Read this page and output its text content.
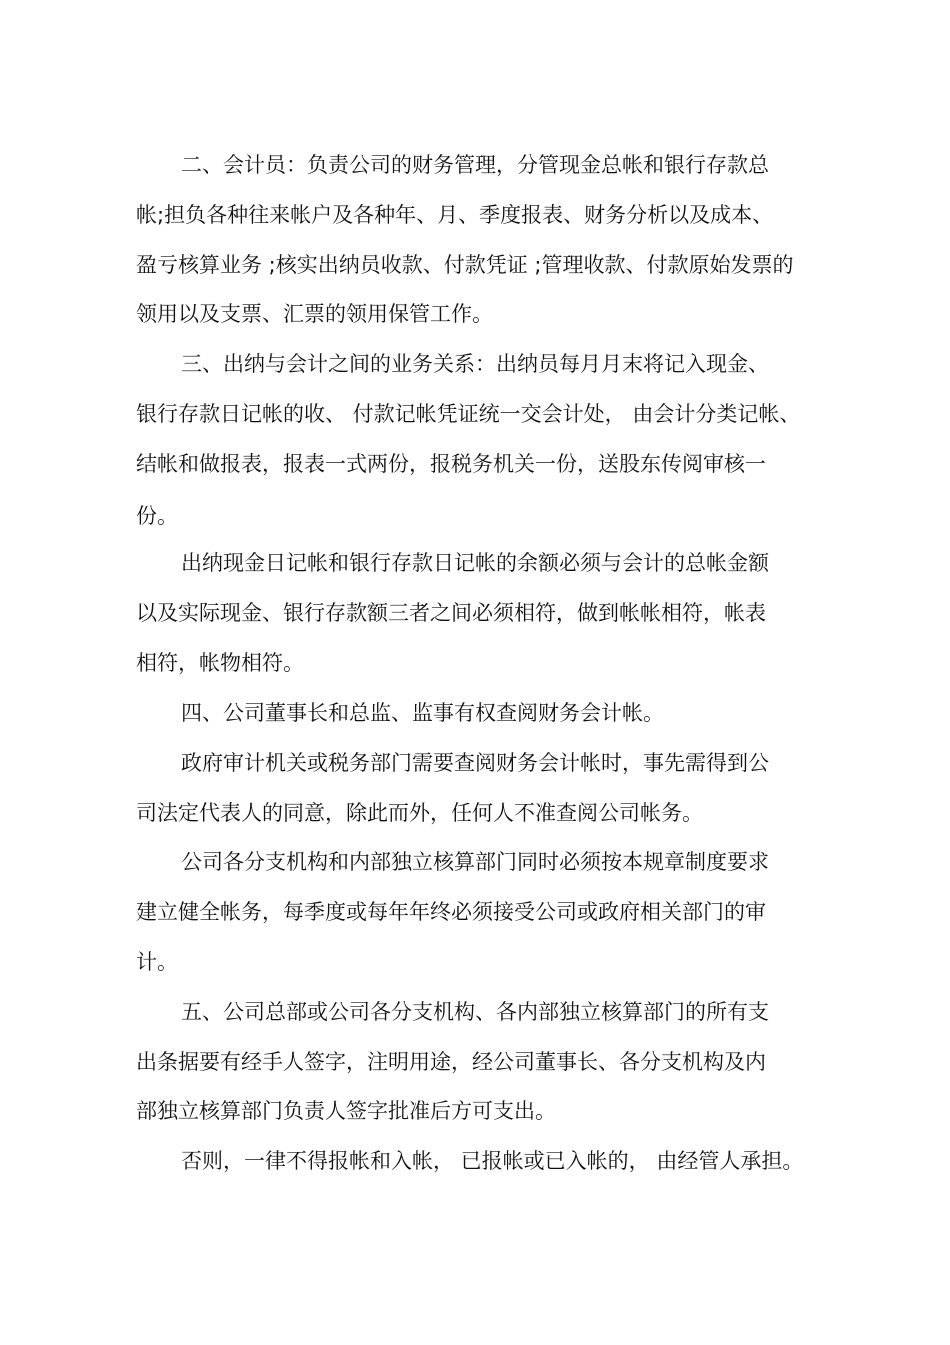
二、会计员：负责公司的财务管理，分管现金总帐和银行存款总
帐;担负各种往来帐户及各种年、月、季度报表、财务分析以及成本、
盈亏核算业务 ;核实出纳员收款、付款凭证 ;管理收款、付款原始发票的
领用以及支票、汇票的领用保管工作。
三、出纳与会计之间的业务关系：出纳员每月月末将记入现金、
银行存款日记帐的收、 付款记帐凭证统一交会计处， 由会计分类记帐、
结帐和做报表，报表一式两份，报税务机关一份，送股东传阅审核一
份。
出纳现金日记帐和银行存款日记帐的余额必须与会计的总帐金额
以及实际现金、银行存款额三者之间必须相符，做到帐帐相符，帐表
相符，帐物相符。
四、公司董事长和总监、监事有权查阅财务会计帐。
政府审计机关或税务部门需要查阅财务会计帐时，事先需得到公
司法定代表人的同意，除此而外，任何人不准查阅公司帐务。
公司各分支机构和内部独立核算部门同时必须按本规章制度要求
建立健全帐务，每季度或每年年终必须接受公司或政府相关部门的审
计。
五、公司总部或公司各分支机构、各内部独立核算部门的所有支
出条据要有经手人签字，注明用途，经公司董事长、各分支机构及内
部独立核算部门负责人签字批准后方可支出。
否则，一律不得报帐和入帐， 已报帐或已入帐的， 由经管人承担。
